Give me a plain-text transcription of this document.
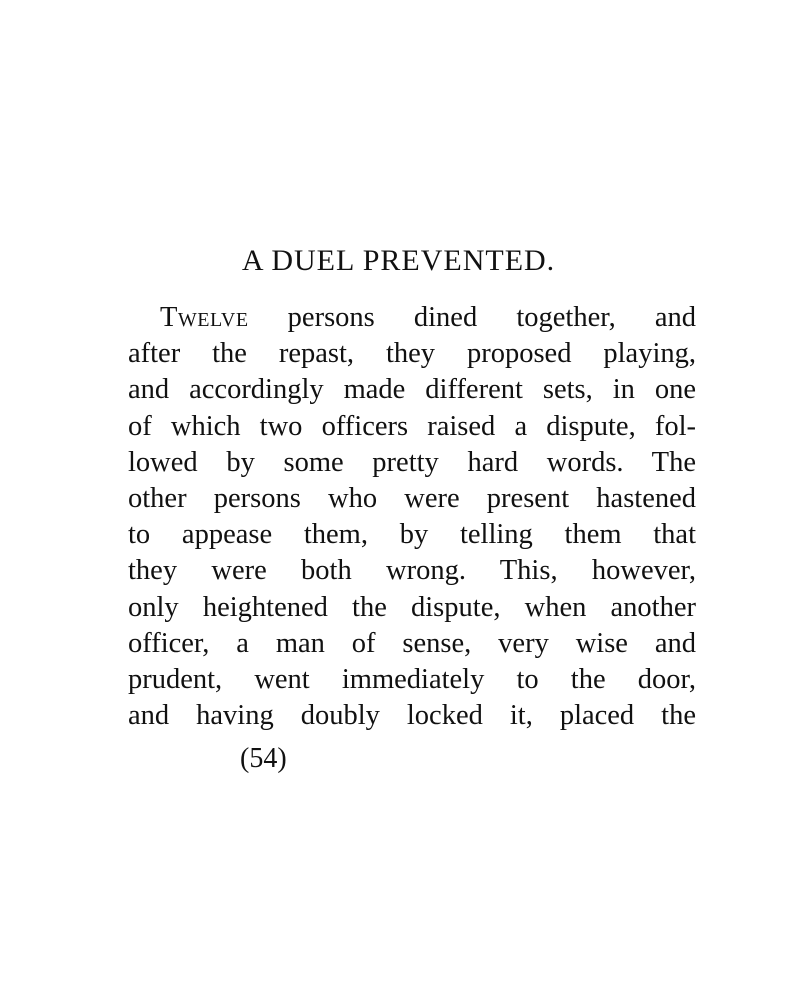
A DUEL PREVENTED.
Twelve persons dined together, and
after the repast, they proposed playing,
and accordingly made different sets, in one
of which two officers raised a dispute, fol-
lowed by some pretty hard words. The
other persons who were present hastened
to appease them, by telling them that
they were both wrong. This, however,
only heightened the dispute, when another
officer, a man of sense, very wise and
prudent, went immediately to the door,
and having doubly locked it, placed the
(54)
